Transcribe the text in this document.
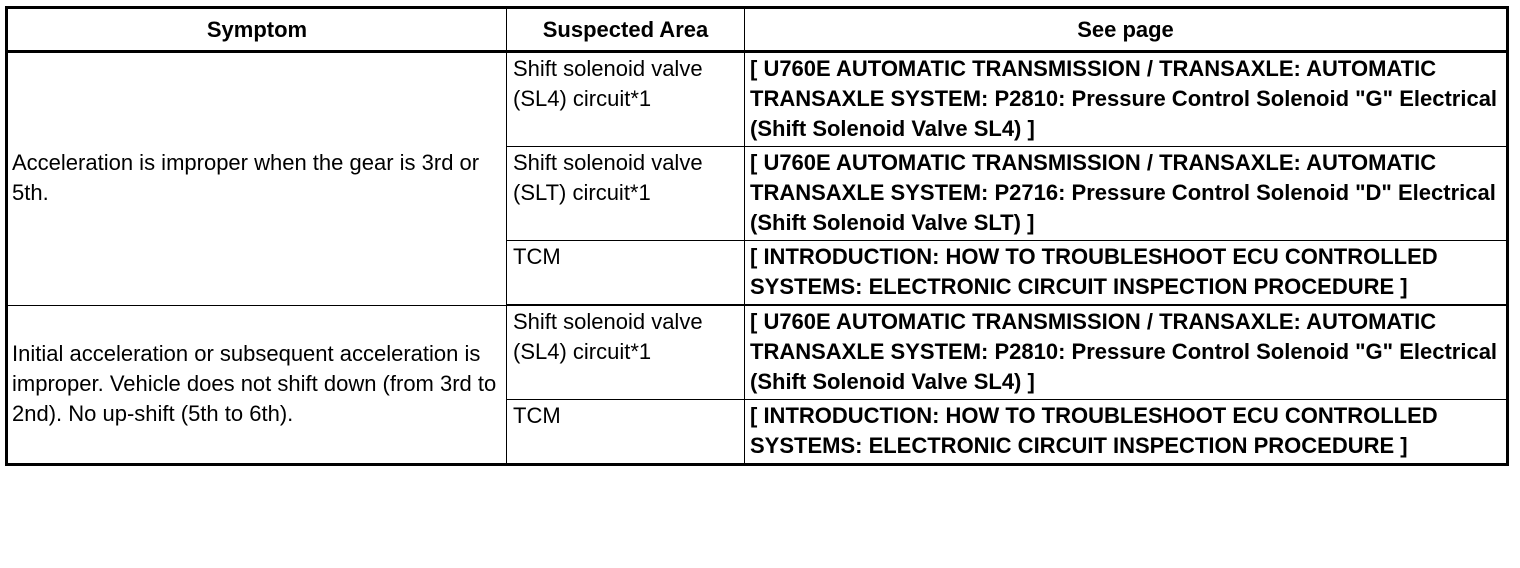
Symptom	Suspected Area	See page
Acceleration is improper when the gear is 3rd or 5th.	Shift solenoid valve (SL4) circuit*1	[ U760E AUTOMATIC TRANSMISSION / TRANSAXLE: AUTOMATIC TRANSAXLE SYSTEM: P2810: Pressure Control Solenoid "G" Electrical (Shift Solenoid Valve SL4) ]
	Shift solenoid valve (SLT) circuit*1	[ U760E AUTOMATIC TRANSMISSION / TRANSAXLE: AUTOMATIC TRANSAXLE SYSTEM: P2716: Pressure Control Solenoid "D" Electrical (Shift Solenoid Valve SLT) ]
	TCM	[ INTRODUCTION: HOW TO TROUBLESHOOT ECU CONTROLLED SYSTEMS: ELECTRONIC CIRCUIT INSPECTION PROCEDURE ]
Initial acceleration or subsequent acceleration is improper. Vehicle does not shift down (from 3rd to 2nd). No up-shift (5th to 6th).	Shift solenoid valve (SL4) circuit*1	[ U760E AUTOMATIC TRANSMISSION / TRANSAXLE: AUTOMATIC TRANSAXLE SYSTEM: P2810: Pressure Control Solenoid "G" Electrical (Shift Solenoid Valve SL4) ]
	TCM	[ INTRODUCTION: HOW TO TROUBLESHOOT ECU CONTROLLED SYSTEMS: ELECTRONIC CIRCUIT INSPECTION PROCEDURE ]
